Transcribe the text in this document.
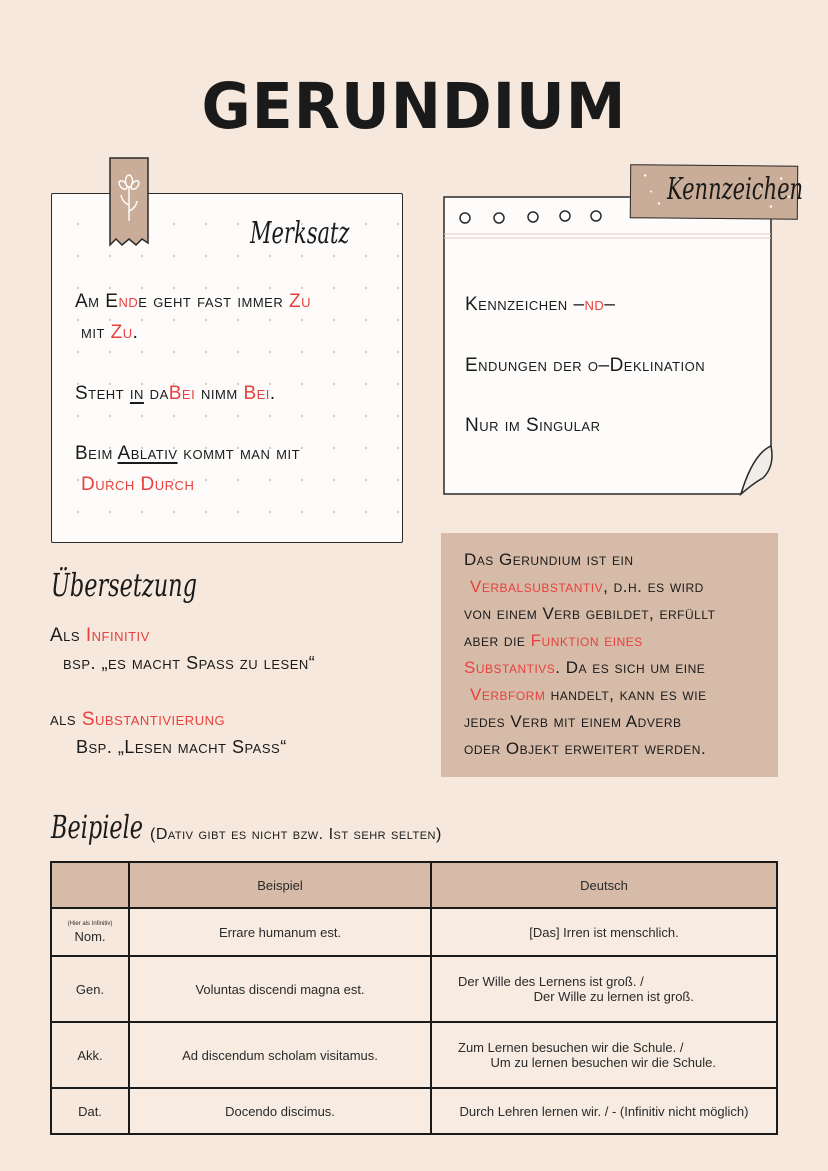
GERUNDIUM
Merksatz
Am Ende geht fast immer Zu
mit Zu.
Steht in daBei nimm Bei.
Beim Ablativ kommt man mit
Durch Durch
Kennzeichen
Kennzeichen –nd–
Endungen der o–Deklination
Nur im Singular
Das Gerundium ist ein
Verbalsubstantiv, d.h. es wird
von einem Verb gebildet, erfüllt
aber die Funktion eines
Substantivs. Da es sich um eine
Verbform handelt, kann es wie
jedes Verb mit einem Adverb
oder Objekt erweitert werden.
Übersetzung
Als Infinitiv
bsp. „es macht Spass zu lesen“
als Substantivierung
Bsp. „Lesen macht Spass“
Beipiele (Dativ gibt es nicht bzw. Ist sehr selten)
	Beispiel	Deutsch

(Hier als Infinitiv)
Nom.	Errare humanum est.	[Das] Irren ist menschlich.
Gen.	Voluntas discendi magna est.	Der Wille des Lernens ist groß. /
Der Wille zu lernen ist groß.

Akk.	Ad discendum scholam visitamus.	Zum Lernen besuchen wir die Schule. /
Um zu lernen besuchen wir die Schule.

Dat.	Docendo discimus.	Durch Lehren lernen wir. / - (Infinitiv nicht möglich)
